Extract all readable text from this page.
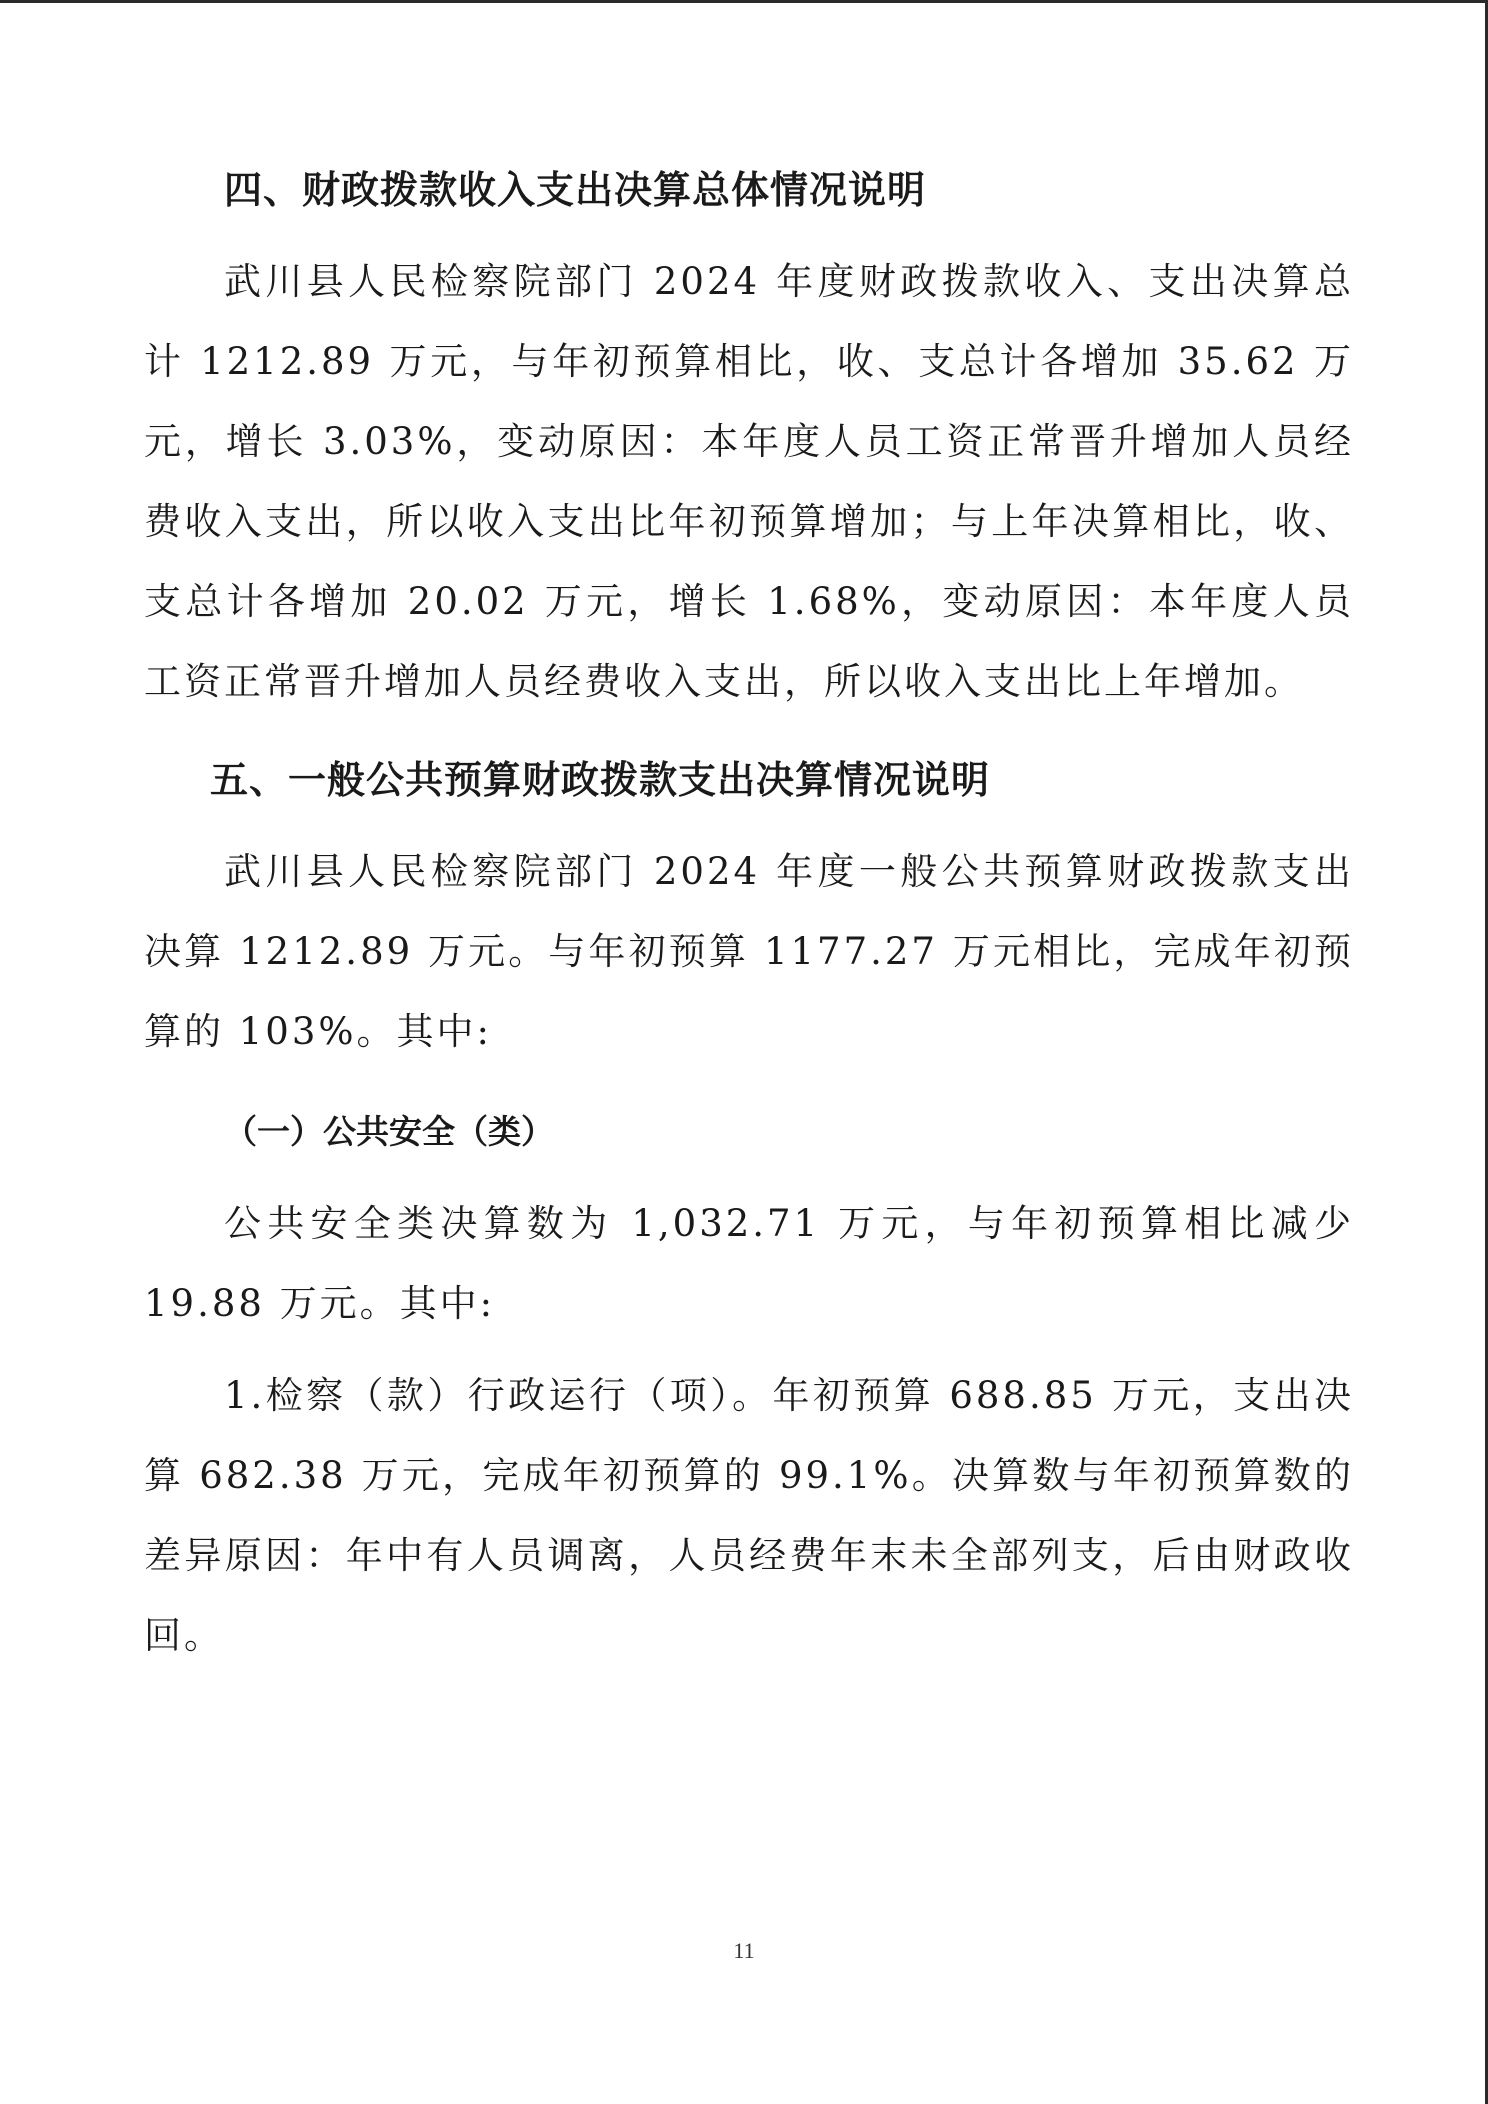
四、财政拨款收入支出决算总体情况说明

武川县人民检察院部门 2024 年度财政拨款收入、支出决算总计 1212.89 万元，与年初预算相比，收、支总计各增加 35.62 万元，增长 3.03%，变动原因：本年度人员工资正常晋升增加人员经费收入支出，所以收入支出比年初预算增加；与上年决算相比，收、支总计各增加 20.02 万元，增长 1.68%，变动原因：本年度人员工资正常晋升增加人员经费收入支出，所以收入支出比上年增加。

五、一般公共预算财政拨款支出决算情况说明

武川县人民检察院部门 2024 年度一般公共预算财政拨款支出决算 1212.89 万元。与年初预算 1177.27 万元相比，完成年初预算的 103%。其中:

（一）公共安全（类）

公共安全类决算数为 1,032.71 万元，与年初预算相比减少 19.88 万元。其中:

1.检察（款）行政运行（项）。年初预算 688.85 万元，支出决算 682.38 万元，完成年初预算的 99.1%。决算数与年初预算数的差异原因：年中有人员调离，人员经费年末未全部列支，后由财政收回。

11
